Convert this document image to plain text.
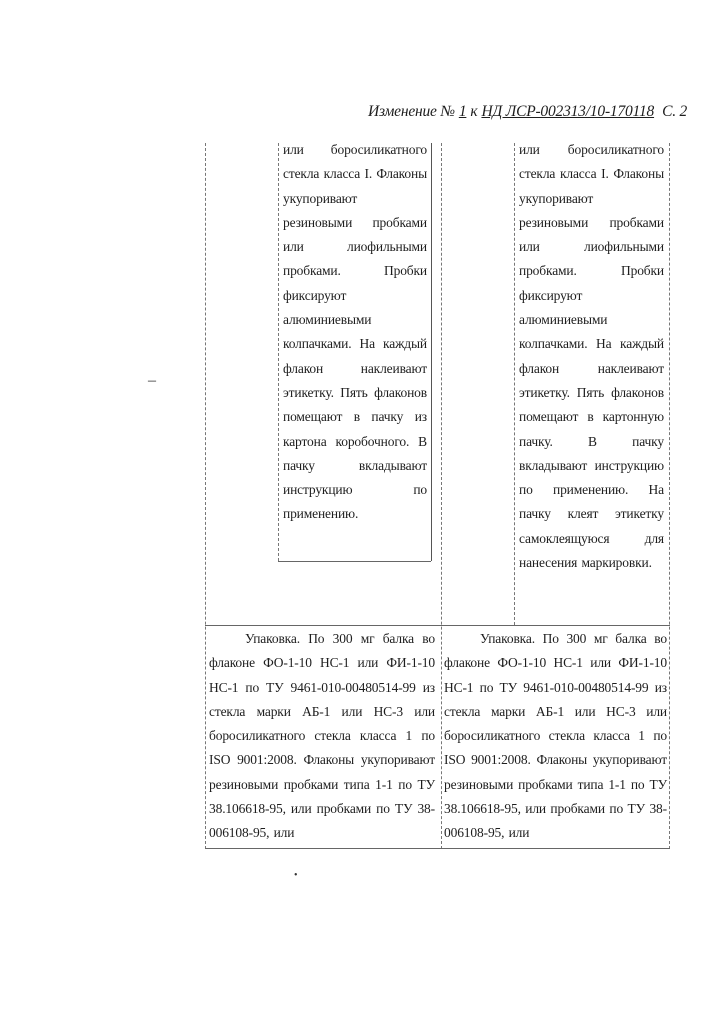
Изменение № 1 к НД ЛСР-002313/10-170118 С. 2

или боросиликатного стекла класса I. Флаконы укупоривают резиновыми пробками или лиофильными пробками. Пробки фиксируют алюминиевыми колпачками. На каждый флакон наклеивают этикетку. Пять флаконов помещают в пачку из картона коробочного. В пачку вкладывают инструкцию по применению.

или боросиликатного стекла класса I. Флаконы укупоривают резиновыми пробками или лиофильными пробками. Пробки фиксируют алюминиевыми колпачками. На каждый флакон наклеивают этикетку. Пять флаконов помещают в картонную пачку. В пачку вкладывают инструкцию по применению. На пачку клеят этикетку самоклеящуюся для нанесения маркировки.

Упаковка. По 300 мг балка во флаконе ФО-1-10 НС-1 или ФИ-1-10 НС-1 по ТУ 9461-010-00480514-99 из стекла марки АБ-1 или НС-3 или боросиликатного стекла класса 1 по ISO 9001:2008. Флаконы укупоривают резиновыми пробками типа 1-1 по ТУ 38.106618-95, или пробками по ТУ 38-006108-95, или

Упаковка. По 300 мг балка во флаконе ФО-1-10 НС-1 или ФИ-1-10 НС-1 по ТУ 9461-010-00480514-99 из стекла марки АБ-1 или НС-3 или боросиликатного стекла класса 1 по ISO 9001:2008. Флаконы укупоривают резиновыми пробками типа 1-1 по ТУ 38.106618-95, или пробками по ТУ 38-006108-95, или

‒
•
